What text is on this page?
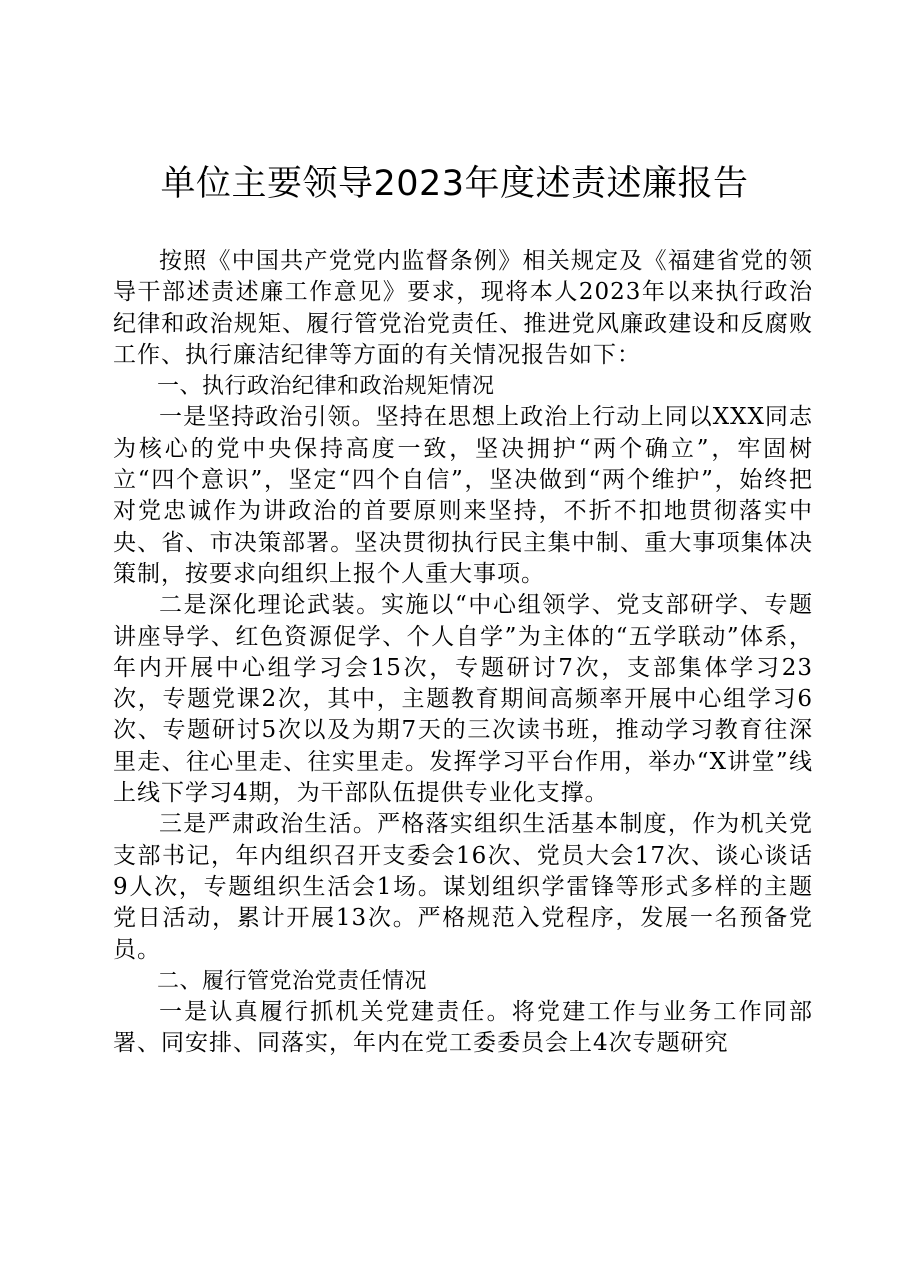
单位主要领导2023年度述责述廉报告

按照《中国共产党党内监督条例》相关规定及《福建省党的领导干部述责述廉工作意见》要求，现将本人2023年以来执行政治纪律和政治规矩、履行管党治党责任、推进党风廉政建设和反腐败工作、执行廉洁纪律等方面的有关情况报告如下：

一、执行政治纪律和政治规矩情况

一是坚持政治引领。坚持在思想上政治上行动上同以XXX同志为核心的党中央保持高度一致，坚决拥护“两个确立”，牢固树立“四个意识”，坚定“四个自信”，坚决做到“两个维护”，始终把对党忠诚作为讲政治的首要原则来坚持，不折不扣地贯彻落实中央、省、市决策部署。坚决贯彻执行民主集中制、重大事项集体决策制，按要求向组织上报个人重大事项。

二是深化理论武装。实施以“中心组领学、党支部研学、专题讲座导学、红色资源促学、个人自学”为主体的“五学联动”体系，年内开展中心组学习会15次，专题研讨7次，支部集体学习23次，专题党课2次，其中，主题教育期间高频率开展中心组学习6次、专题研讨5次以及为期7天的三次读书班，推动学习教育往深里走、往心里走、往实里走。发挥学习平台作用，举办“X讲堂”线上线下学习4期，为干部队伍提供专业化支撑。

三是严肃政治生活。严格落实组织生活基本制度，作为机关党支部书记，年内组织召开支委会16次、党员大会17次、谈心谈话9人次，专题组织生活会1场。谋划组织学雷锋等形式多样的主题党日活动，累计开展13次。严格规范入党程序，发展一名预备党员。

二、履行管党治党责任情况

一是认真履行抓机关党建责任。将党建工作与业务工作同部署、同安排、同落实，年内在党工委委员会上4次专题研究
